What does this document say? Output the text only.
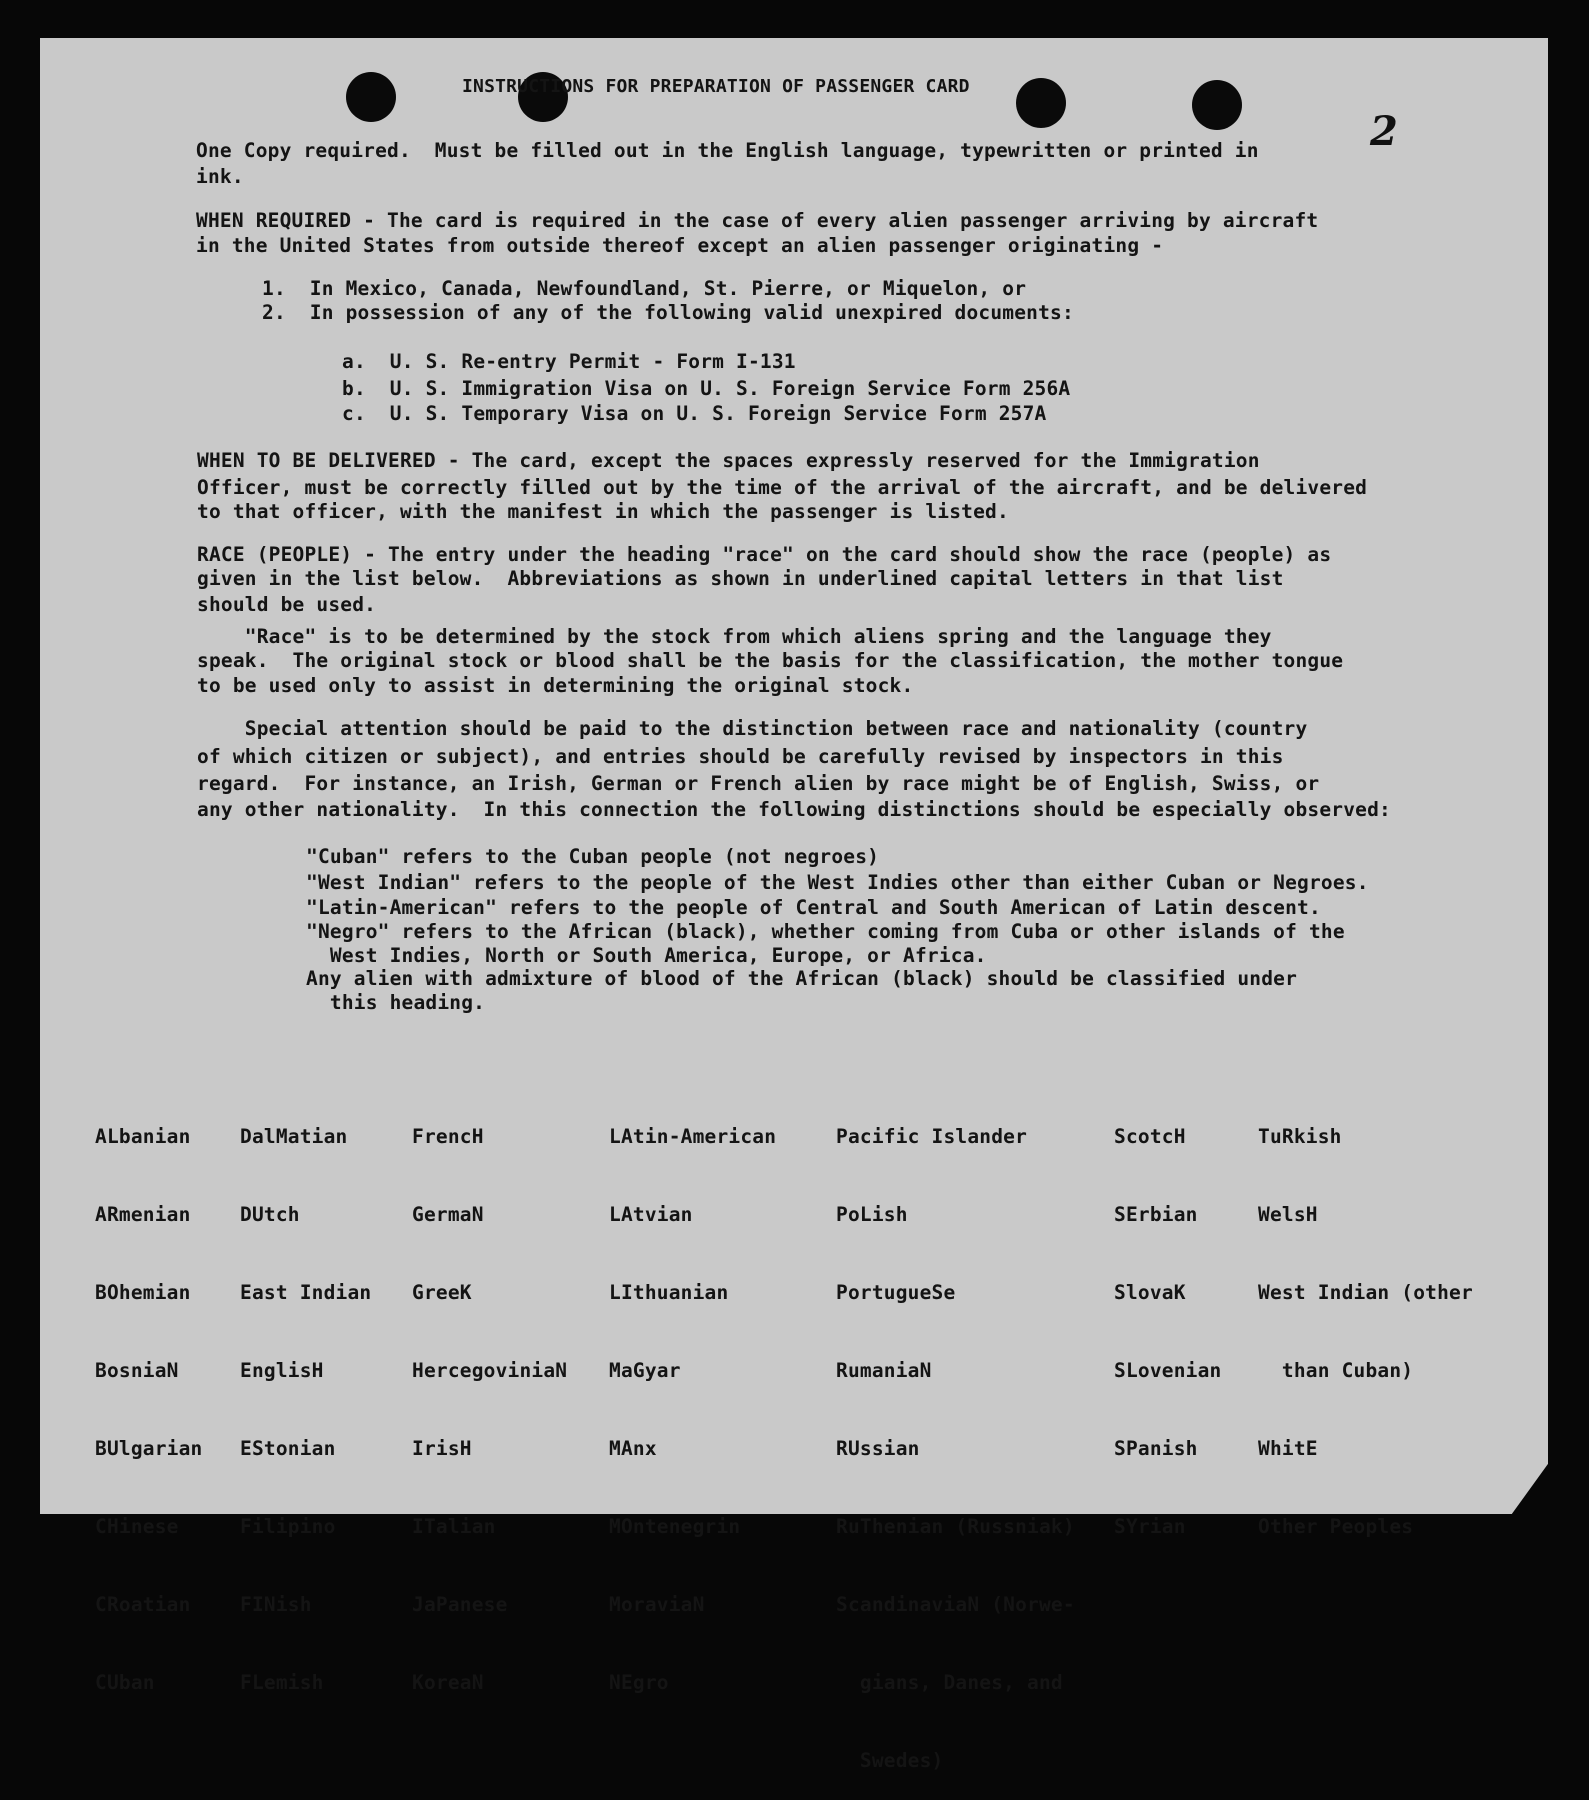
INSTRUCTIONS FOR PREPARATION OF PASSENGER CARD
2
One Copy required.  Must be filled out in the English language, typewritten or printed in
ink.
WHEN REQUIRED - The card is required in the case of every alien passenger arriving by aircraft
in the United States from outside thereof except an alien passenger originating -
1.  In Mexico, Canada, Newfoundland, St. Pierre, or Miquelon, or
2.  In possession of any of the following valid unexpired documents:
a.  U. S. Re-entry Permit - Form I-131
b.  U. S. Immigration Visa on U. S. Foreign Service Form 256A
c.  U. S. Temporary Visa on U. S. Foreign Service Form 257A
WHEN TO BE DELIVERED - The card, except the spaces expressly reserved for the Immigration
Officer, must be correctly filled out by the time of the arrival of the aircraft, and be delivered
to that officer, with the manifest in which the passenger is listed.
RACE (PEOPLE) - The entry under the heading "race" on the card should show the race (people) as
given in the list below.  Abbreviations as shown in underlined capital letters in that list
should be used.
"Race" is to be determined by the stock from which aliens spring and the language they
speak.  The original stock or blood shall be the basis for the classification, the mother tongue
to be used only to assist in determining the original stock.
Special attention should be paid to the distinction between race and nationality (country
of which citizen or subject), and entries should be carefully revised by inspectors in this
regard.  For instance, an Irish, German or French alien by race might be of English, Swiss, or
any other nationality.  In this connection the following distinctions should be especially observed:
"Cuban" refers to the Cuban people (not negroes)
"West Indian" refers to the people of the West Indies other than either Cuban or Negroes.
"Latin-American" refers to the people of Central and South American of Latin descent.
"Negro" refers to the African (black), whether coming from Cuba or other islands of the
West Indies, North or South America, Europe, or Africa.
Any alien with admixture of blood of the African (black) should be classified under
this heading.

ALbanian

ARmenian

BOhemian

BosniaN

BUlgarian

CHinese

CRoatian

CUban

DalMatian

DUtch

East Indian

EnglisH

EStonian

Filipino

FINish

FLemish

FrencH

GermaN

GreeK

HercegoviniaN

IrisH

ITalian

JaPanese

KoreaN

LAtin-American

LAtvian

LIthuanian

MaGyar

MAnx

MOntenegrin

MoraviaN

NEgro

Pacific Islander

PoLish

PortugueSe

RumaniaN

RUssian

RuThenian (Russniak)

ScandinaviaN (Norwe-

gians, Danes, and

Swedes)

ScotcH

SErbian

SlovaK

SLovenian

SPanish

SYrian

TuRkish

WelsH

West Indian (other

than Cuban)

WhitE

Other Peoples
